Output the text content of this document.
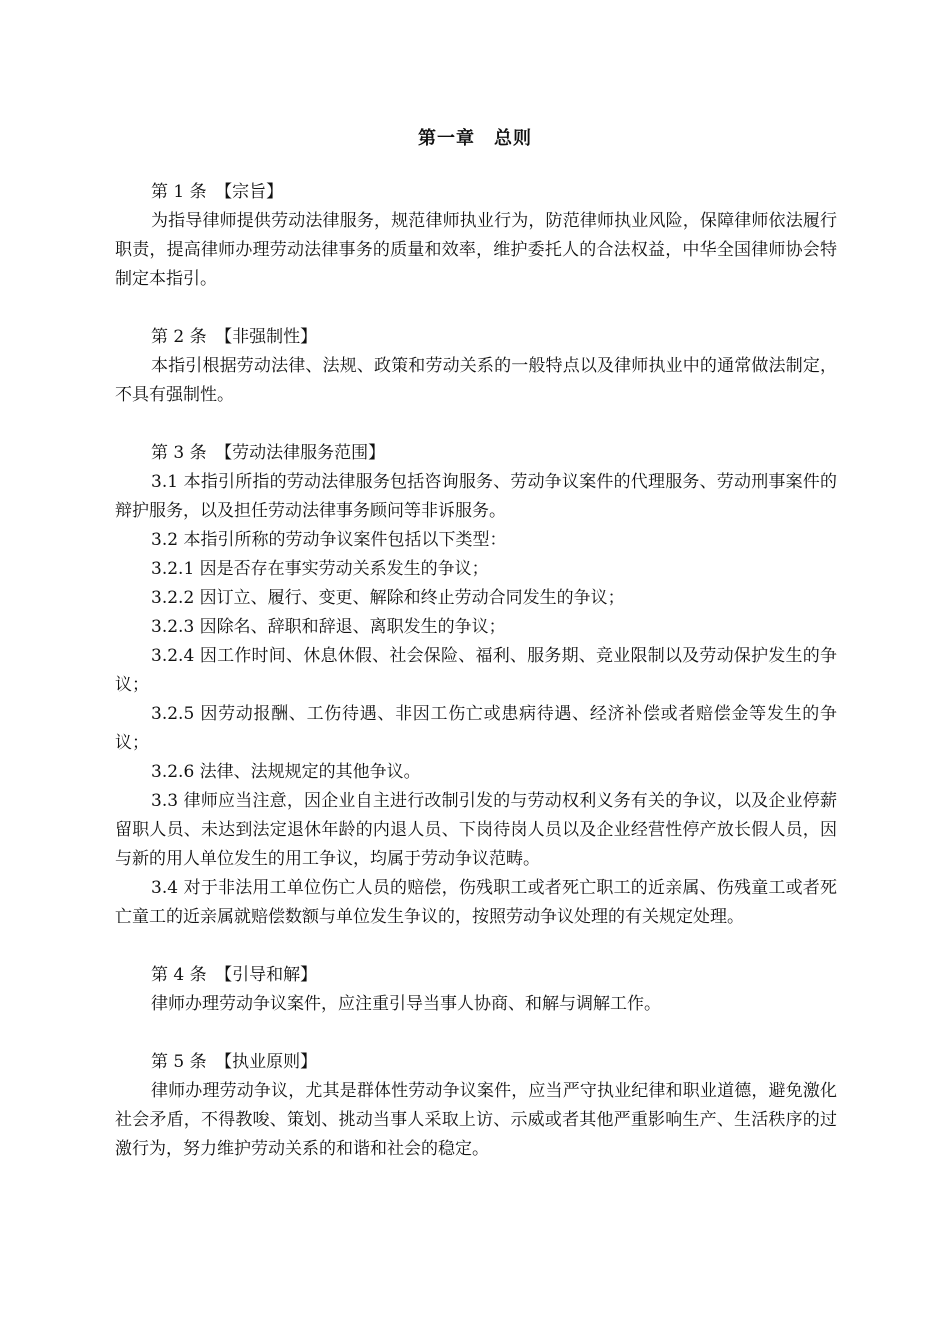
第一章　总则
第 1 条　【宗旨】

为指导律师提供劳动法律服务，规范律师执业行为，防范律师执业风险，保障律师依法履行职责，提高律师办理劳动法律事务的质量和效率，维护委托人的合法权益，中华全国律师协会特制定本指引。

第 2 条　【非强制性】

本指引根据劳动法律、法规、政策和劳动关系的一般特点以及律师执业中的通常做法制定，不具有强制性。

第 3 条　【劳动法律服务范围】

3.1 本指引所指的劳动法律服务包括咨询服务、劳动争议案件的代理服务、劳动刑事案件的辩护服务，以及担任劳动法律事务顾问等非诉服务。

3.2 本指引所称的劳动争议案件包括以下类型：

3.2.1 因是否存在事实劳动关系发生的争议；

3.2.2 因订立、履行、变更、解除和终止劳动合同发生的争议；

3.2.3 因除名、辞职和辞退、离职发生的争议；

3.2.4 因工作时间、休息休假、社会保险、福利、服务期、竞业限制以及劳动保护发生的争议；

3.2.5 因劳动报酬、工伤待遇、非因工伤亡或患病待遇、经济补偿或者赔偿金等发生的争议；

3.2.6 法律、法规规定的其他争议。

3.3 律师应当注意，因企业自主进行改制引发的与劳动权利义务有关的争议，以及企业停薪留职人员、未达到法定退休年龄的内退人员、下岗待岗人员以及企业经营性停产放长假人员，因与新的用人单位发生的用工争议，均属于劳动争议范畴。

3.4 对于非法用工单位伤亡人员的赔偿，伤残职工或者死亡职工的近亲属、伤残童工或者死亡童工的近亲属就赔偿数额与单位发生争议的，按照劳动争议处理的有关规定处理。

第 4 条　【引导和解】

律师办理劳动争议案件，应注重引导当事人协商、和解与调解工作。

第 5 条　【执业原则】

律师办理劳动争议，尤其是群体性劳动争议案件，应当严守执业纪律和职业道德，避免激化社会矛盾，不得教唆、策划、挑动当事人采取上访、示威或者其他严重影响生产、生活秩序的过激行为，努力维护劳动关系的和谐和社会的稳定。
